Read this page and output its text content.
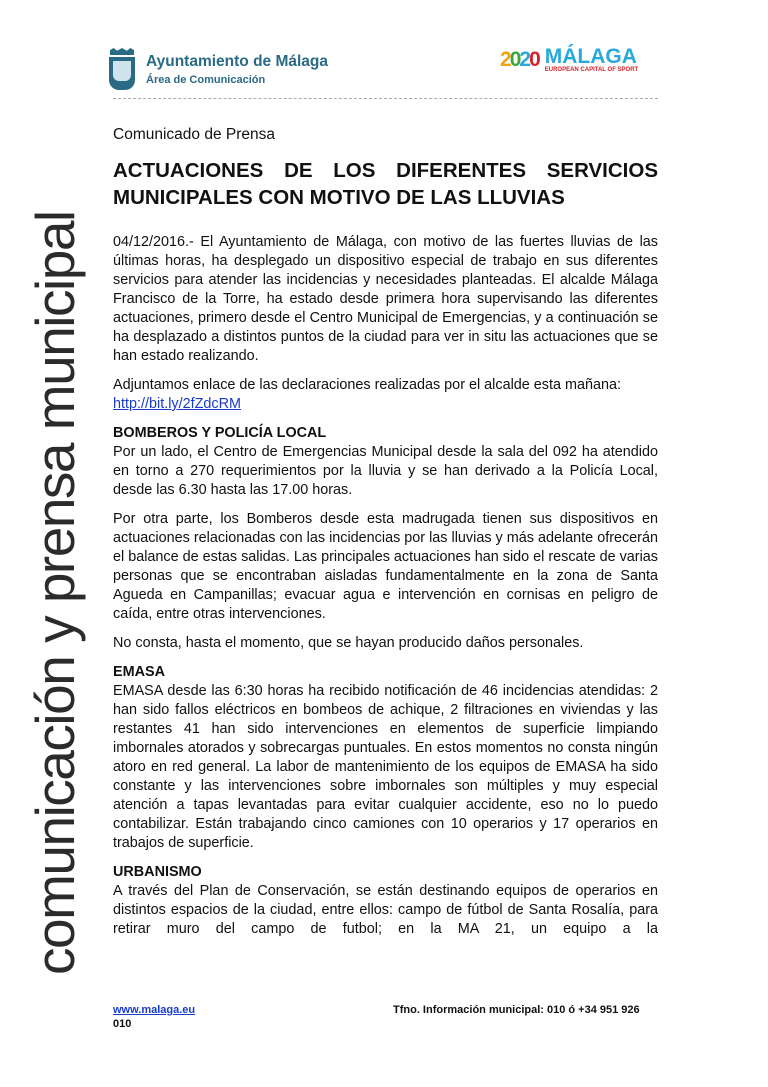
comunicación y prensa municipal
Ayuntamiento de Málaga
Área de Comunicación
2020 MÁLAGA
EUROPEAN CAPITAL OF SPORT
Comunicado de Prensa
ACTUACIONES DE LOS DIFERENTES SERVICIOS MUNICIPALES CON MOTIVO DE LAS LLUVIAS

04/12/2016.- El Ayuntamiento de Málaga, con motivo de las fuertes lluvias de las últimas horas, ha desplegado un dispositivo especial de trabajo en sus diferentes servicios para atender las incidencias y necesidades planteadas. El alcalde Málaga Francisco de la Torre, ha estado desde primera hora supervisando las diferentes actuaciones, primero desde el Centro Municipal de Emergencias, y a continuación se ha desplazado a distintos puntos de la ciudad para ver in situ las actuaciones que se han estado realizando.

Adjuntamos enlace de las declaraciones realizadas por el alcalde esta mañana:
http://bit.ly/2fZdcRM

BOMBEROS Y POLICÍA LOCAL

Por un lado, el Centro de Emergencias Municipal desde la sala del 092 ha atendido en torno a 270 requerimientos por la lluvia y se han derivado a la Policía Local, desde las 6.30 hasta las 17.00 horas.

Por otra parte, los Bomberos desde esta madrugada tienen sus dispositivos en actuaciones relacionadas con las incidencias por las lluvias y más adelante ofrecerán el balance de estas salidas. Las principales actuaciones han sido el rescate de varias personas que se encontraban aisladas fundamentalmente en la zona de Santa Agueda en Campanillas; evacuar agua e intervención en cornisas en peligro de caída, entre otras intervenciones.

No consta, hasta el momento, que se hayan producido daños personales.

EMASA

EMASA desde las 6:30 horas ha recibido notificación de 46 incidencias atendidas: 2 han sido fallos eléctricos en bombeos de achique, 2 filtraciones en viviendas y las restantes 41 han sido intervenciones en elementos de superficie limpiando imbornales atorados y sobrecargas puntuales. En estos momentos no consta ningún atoro en red general. La labor de mantenimiento de los equipos de EMASA ha sido constante y las intervenciones sobre imbornales son múltiples y muy especial atención a tapas levantadas para evitar cualquier accidente, eso no lo puedo contabilizar. Están trabajando cinco camiones con 10 operarios y 17 operarios en trabajos de superficie.

URBANISMO

A través del Plan de Conservación, se están destinando equipos de operarios en distintos espacios de la ciudad, entre ellos: campo de fútbol de Santa Rosalía, para retirar muro del campo de futbol; en la MA 21, un equipo a la

www.malaga.eu	Tfno. Información municipal: 010 ó +34 951 926 010
